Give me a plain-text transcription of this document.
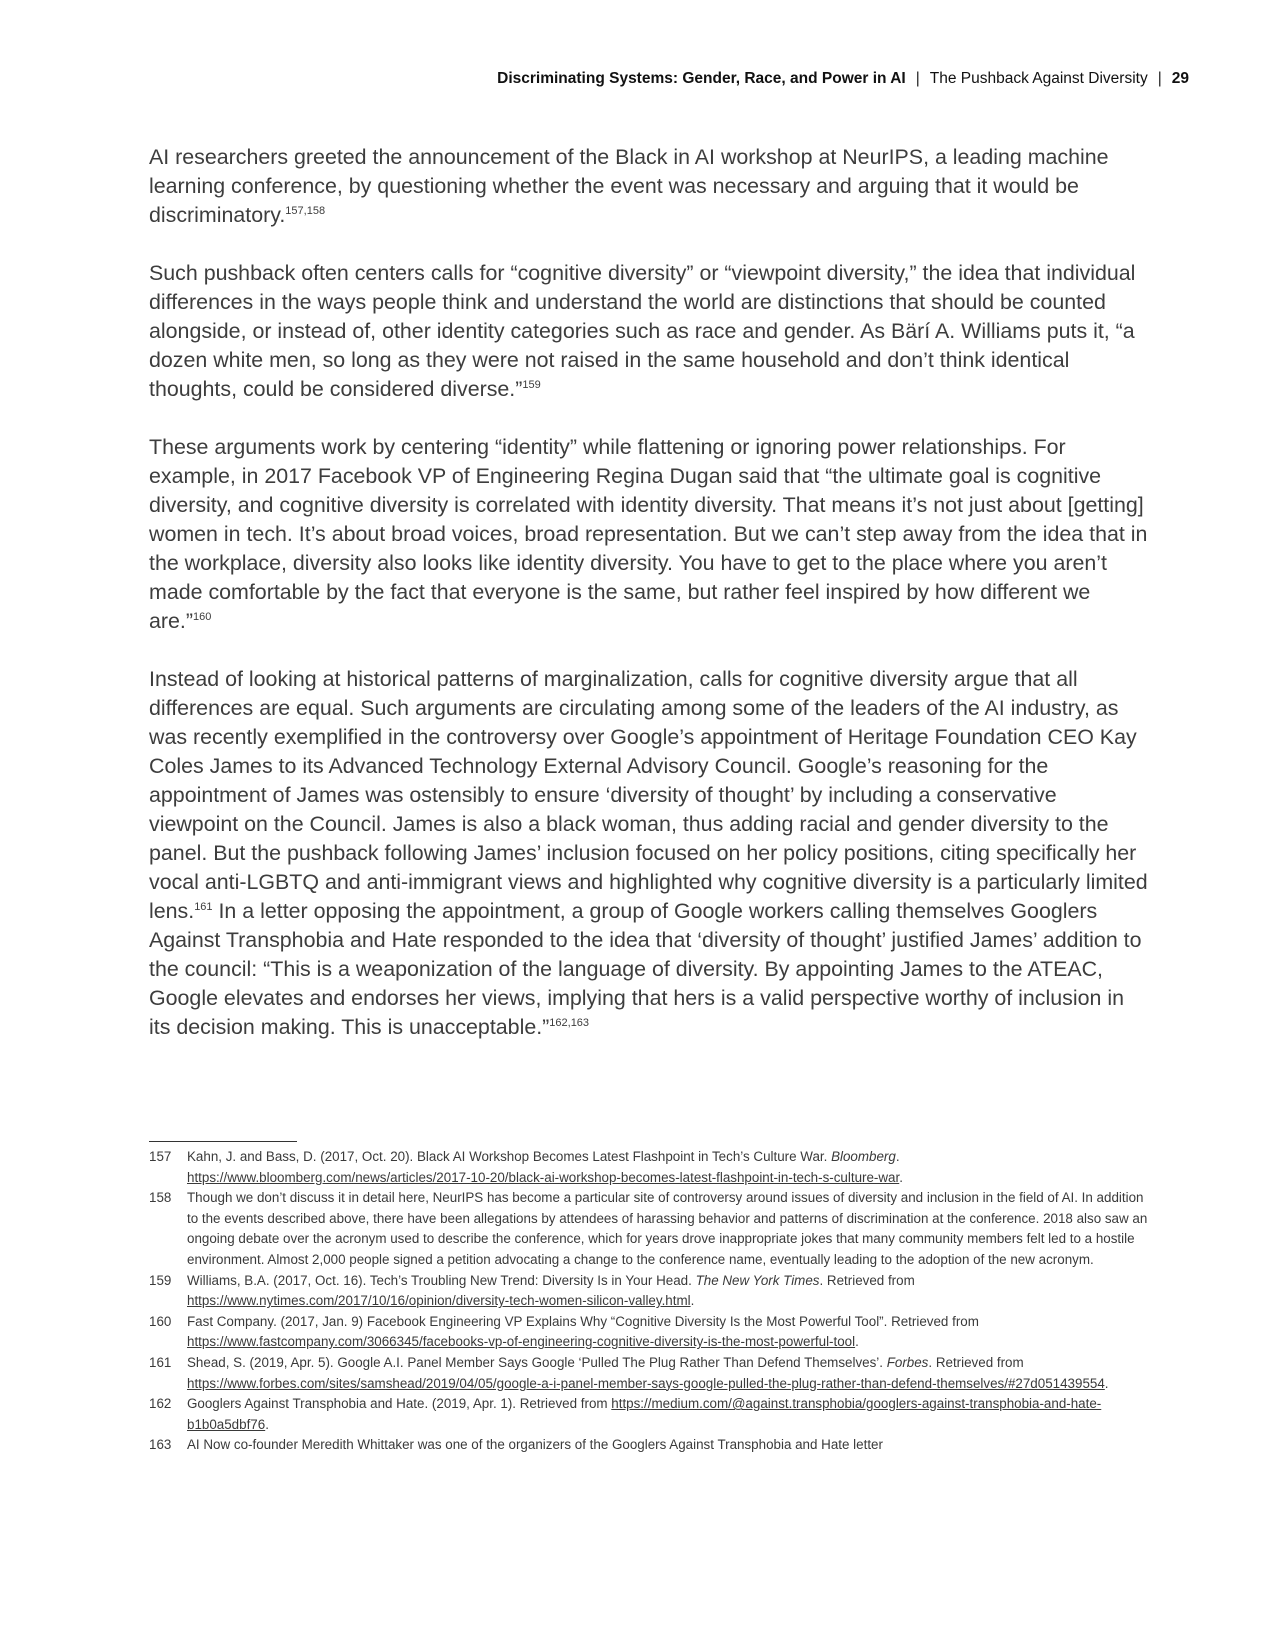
Discriminating Systems: Gender, Race, and Power in AI | The Pushback Against Diversity | 29

AI researchers greeted the announcement of the Black in AI workshop at NeurIPS, a leading machine learning conference, by questioning whether the event was necessary and arguing that it would be discriminatory.$^{157,158}$

Such pushback often centers calls for “cognitive diversity” or “viewpoint diversity,” the idea that individual differences in the ways people think and understand the world are distinctions that should be counted alongside, or instead of, other identity categories such as race and gender. As Bärí A. Williams puts it, “a dozen white men, so long as they were not raised in the same household and don’t think identical thoughts, could be considered diverse.”$^{159}$

These arguments work by centering “identity” while flattening or ignoring power relationships. For example, in 2017 Facebook VP of Engineering Regina Dugan said that “the ultimate goal is cognitive diversity, and cognitive diversity is correlated with identity diversity. That means it’s not just about [getting] women in tech. It’s about broad voices, broad representation. But we can’t step away from the idea that in the workplace, diversity also looks like identity diversity. You have to get to the place where you aren’t made comfortable by the fact that everyone is the same, but rather feel inspired by how different we are.”$^{160}$

Instead of looking at historical patterns of marginalization, calls for cognitive diversity argue that all differences are equal. Such arguments are circulating among some of the leaders of the AI industry, as was recently exemplified in the controversy over Google’s appointment of Heritage Foundation CEO Kay Coles James to its Advanced Technology External Advisory Council. Google’s reasoning for the appointment of James was ostensibly to ensure ‘diversity of thought’ by including a conservative viewpoint on the Council. James is also a black woman, thus adding racial and gender diversity to the panel. But the pushback following James’ inclusion focused on her policy positions, citing specifically her vocal anti-LGBTQ and anti-immigrant views and highlighted why cognitive diversity is a particularly limited lens.$^{161}$ In a letter opposing the appointment, a group of Google workers calling themselves Googlers Against Transphobia and Hate responded to the idea that ‘diversity of thought’ justified James’ addition to the council: “This is a weaponization of the language of diversity. By appointing James to the ATEAC, Google elevates and endorses her views, implying that hers is a valid perspective worthy of inclusion in its decision making. This is unacceptable.”$^{162,163}$

157	Kahn, J. and Bass, D. (2017, Oct. 20). Black AI Workshop Becomes Latest Flashpoint in Tech’s Culture War. Bloomberg. https://www.bloomberg.com/news/articles/2017-10-20/black-ai-workshop-becomes-latest-flashpoint-in-tech-s-culture-war.
158	Though we don’t discuss it in detail here, NeurIPS has become a particular site of controversy around issues of diversity and inclusion in the field of AI. In addition to the events described above, there have been allegations by attendees of harassing behavior and patterns of discrimination at the conference. 2018 also saw an ongoing debate over the acronym used to describe the conference, which for years drove inappropriate jokes that many community members felt led to a hostile environment. Almost 2,000 people signed a petition advocating a change to the conference name, eventually leading to the adoption of the new acronym.
159	Williams, B.A. (2017, Oct. 16). Tech’s Troubling New Trend: Diversity Is in Your Head. The New York Times. Retrieved from https://www.nytimes.com/2017/10/16/opinion/diversity-tech-women-silicon-valley.html.
160	Fast Company. (2017, Jan. 9) Facebook Engineering VP Explains Why “Cognitive Diversity Is the Most Powerful Tool”. Retrieved from https://www.fastcompany.com/3066345/facebooks-vp-of-engineering-cognitive-diversity-is-the-most-powerful-tool.
161	Shead, S. (2019, Apr. 5). Google A.I. Panel Member Says Google ‘Pulled The Plug Rather Than Defend Themselves’. Forbes. Retrieved from https://www.forbes.com/sites/samshead/2019/04/05/google-a-i-panel-member-says-google-pulled-the-plug-rather-than-defend-themselves/#27d051439554.
162	Googlers Against Transphobia and Hate. (2019, Apr. 1). Retrieved from https://medium.com/@against.transphobia/googlers-against-transphobia-and-hate-b1b0a5dbf76.
163	AI Now co-founder Meredith Whittaker was one of the organizers of the Googlers Against Transphobia and Hate letter
